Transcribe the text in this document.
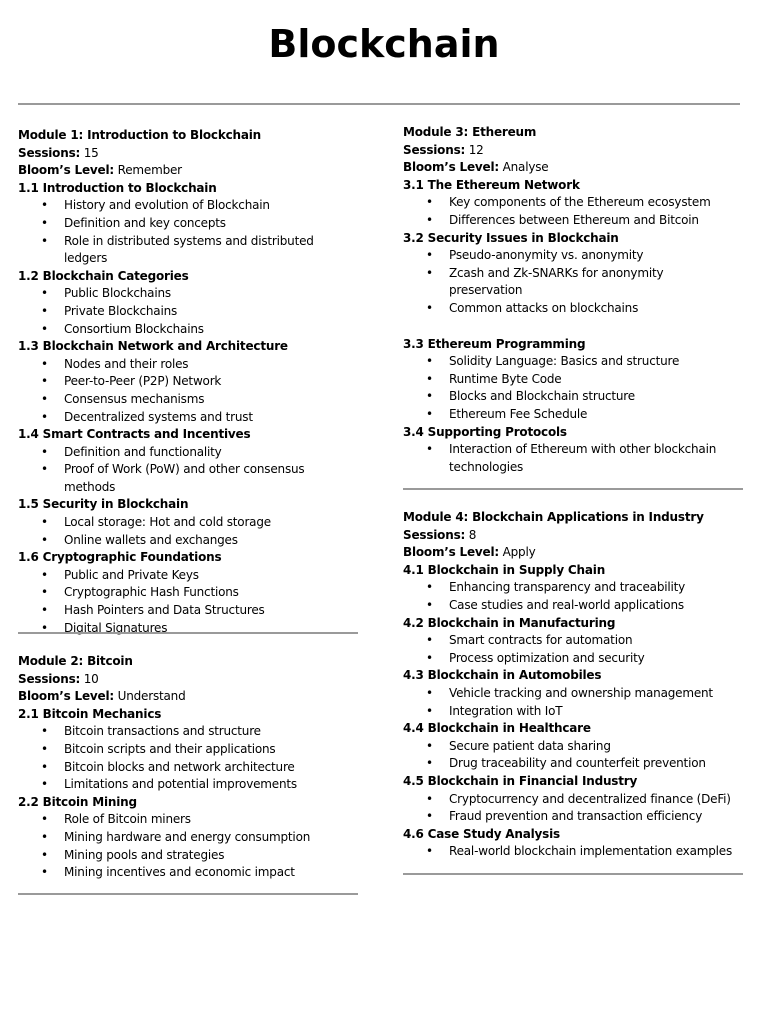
Blockchain
Module 1: Introduction to Blockchain
Sessions: 15
Bloom’s Level: Remember
1.1 Introduction to Blockchain
• History and evolution of Blockchain
• Definition and key concepts
• Role in distributed systems and distributed ledgers
1.2 Blockchain Categories
• Public Blockchains
• Private Blockchains
• Consortium Blockchains
1.3 Blockchain Network and Architecture
• Nodes and their roles
• Peer-to-Peer (P2P) Network
• Consensus mechanisms
• Decentralized systems and trust
1.4 Smart Contracts and Incentives
• Definition and functionality
• Proof of Work (PoW) and other consensus methods
1.5 Security in Blockchain
• Local storage: Hot and cold storage
• Online wallets and exchanges
1.6 Cryptographic Foundations
• Public and Private Keys
• Cryptographic Hash Functions
• Hash Pointers and Data Structures
• Digital Signatures
Module 2: Bitcoin
Sessions: 10
Bloom’s Level: Understand
2.1 Bitcoin Mechanics
• Bitcoin transactions and structure
• Bitcoin scripts and their applications
• Bitcoin blocks and network architecture
• Limitations and potential improvements
2.2 Bitcoin Mining
• Role of Bitcoin miners
• Mining hardware and energy consumption
• Mining pools and strategies
• Mining incentives and economic impact
Module 3: Ethereum
Sessions: 12
Bloom’s Level: Analyse
3.1 The Ethereum Network
• Key components of the Ethereum ecosystem
• Differences between Ethereum and Bitcoin
3.2 Security Issues in Blockchain
• Pseudo-anonymity vs. anonymity
• Zcash and Zk-SNARKs for anonymity preservation
• Common attacks on blockchains
3.3 Ethereum Programming
• Solidity Language: Basics and structure
• Runtime Byte Code
• Blocks and Blockchain structure
• Ethereum Fee Schedule
3.4 Supporting Protocols
• Interaction of Ethereum with other blockchain technologies
Module 4: Blockchain Applications in Industry
Sessions: 8
Bloom’s Level: Apply
4.1 Blockchain in Supply Chain
• Enhancing transparency and traceability
• Case studies and real-world applications
4.2 Blockchain in Manufacturing
• Smart contracts for automation
• Process optimization and security
4.3 Blockchain in Automobiles
• Vehicle tracking and ownership management
• Integration with IoT
4.4 Blockchain in Healthcare
• Secure patient data sharing
• Drug traceability and counterfeit prevention
4.5 Blockchain in Financial Industry
• Cryptocurrency and decentralized finance (DeFi)
• Fraud prevention and transaction efficiency
4.6 Case Study Analysis
• Real-world blockchain implementation examples
